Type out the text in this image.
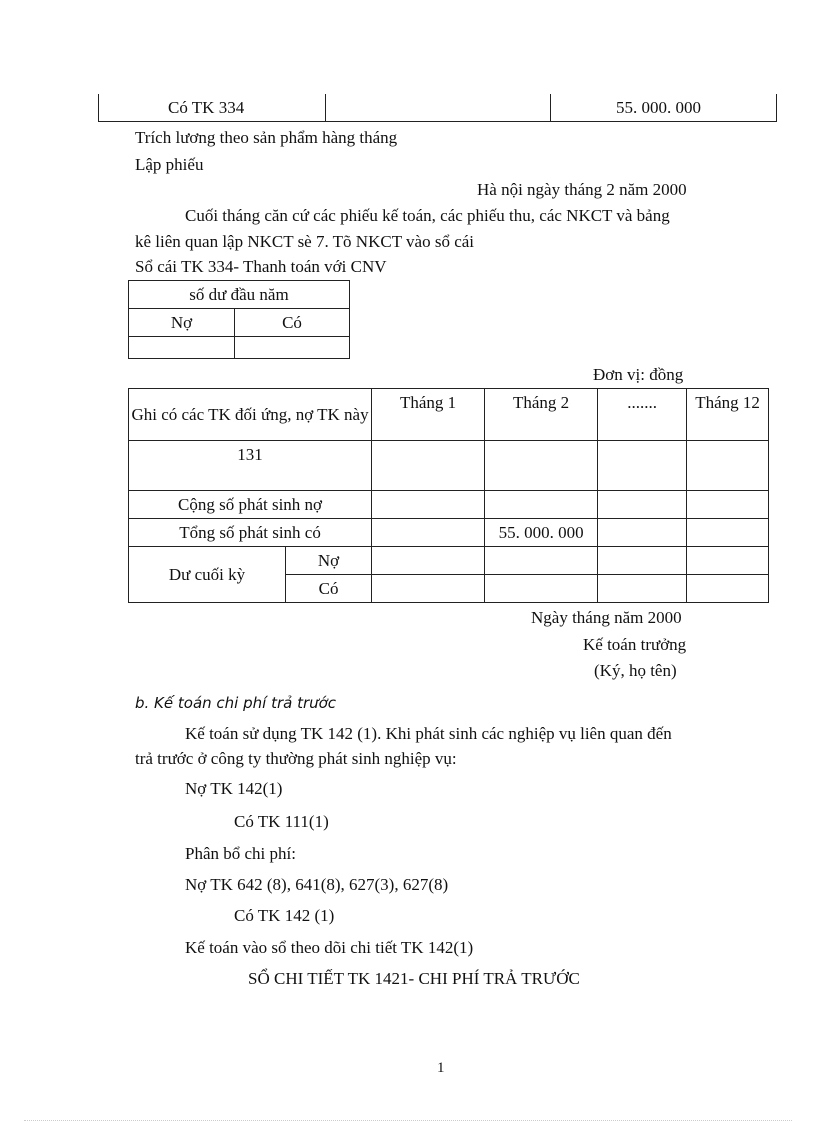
Có TK 334	55. 000. 000
Trích lương theo sản phẩm hàng tháng
Lập phiếu
Hà nội ngày tháng 2 năm 2000
Cuối tháng căn cứ các phiếu kế toán, các phiếu thu, các NKCT và bảng
kê liên quan lập NKCT sè 7. Tõ NKCT vào sổ cái
Sổ cái TK 334- Thanh toán với CNV
số dư đầu năm	
Nợ	Có

Đơn vị: đồng
Ghi có các TK đối ứng, nợ TK này		Tháng 1	Tháng 2	.......	Tháng 12
131					
Cộng số phát sinh nợ					
Tổng số phát sinh có			55. 000. 000		
Dư cuối kỳ	Nợ				
	Có				
Ngày tháng năm 2000
Kế toán trưởng
(Ký, họ tên)
b. Kế toán chi phí trả trước
Kế toán sử dụng TK 142 (1). Khi phát sinh các nghiệp vụ liên quan đến
trả trước ở công ty thường phát sinh nghiệp vụ:
Nợ TK 142(1)
Có TK 111(1)
Phân bổ chi phí:
Nợ TK 642 (8), 641(8), 627(3), 627(8)
Có TK 142 (1)
Kế toán vào sổ theo dõi chi tiết TK 142(1)
SỔ CHI TIẾT TK 1421- CHI PHÍ TRẢ TRƯỚC
1
